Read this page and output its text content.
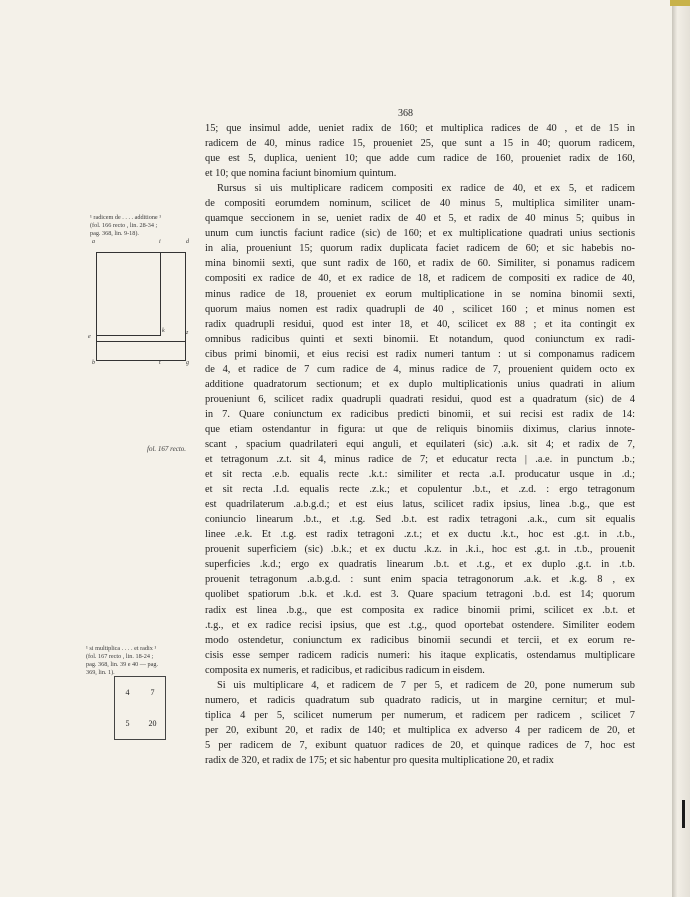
368
15; que insimul adde, ueniet radix de 160; et multiplica radices de 40 , et de 15 in
radicem de 40, minus radice 15, proueniet 25, que sunt a 15 in 40; quorum radicem,
que est 5, duplica, uenient 10; que adde cum radice de 160, proueniet radix de 160,
et 10; que nomina faciunt binomium quintum.
Rursus si uis multiplicare radicem compositi ex radice de 40, et ex 5, et radicem
de compositi eorumdem nominum, scilicet de 40 minus 5, multiplica similiter unam-
quamque seccionem in se, ueniet radix de 40 et 5, et radix de 40 minus 5; quibus in
unum cum iunctis faciunt radice (sic) de 160; et ex multiplicatione quadrati unius sectionis
in alia, proueniunt 15; quorum radix duplicata faciet radicem de 60; et sic habebis no-
mina binomii sexti, que sunt radix de 160, et radix de 60. Similiter, si ponamus radicem
compositi ex radice de 40, et ex radice de 18, et radicem de compositi ex radice de 40,
minus radice de 18, proueniet ex eorum multiplicatione in se nomina binomii sexti,
quorum maius nomen est radix quadrupli de 40 , scilicet 160 ; et minus nomen est
radix quadrupli residui, quod est inter 18, et 40, scilicet ex 88 ; et ita contingit ex
omnibus radicibus quinti et sexti binomii. Et notandum, quod coniunctum ex radi-
cibus primi binomii, et eius recisi est radix numeri tantum : ut si componamus radicem
de 4, et radice de 7 cum radice de 4, minus radice de 7, prouenient quidem octo ex
additione quadratorum sectionum; et ex duplo multiplicationis unius quadrati in alium
proueniunt 6, scilicet radix quadrupli quadrati residui, quod est a quadratum (sic) de 4
in 7. Quare coniunctum ex radicibus predicti binomii, et sui recisi est radix de 14:
que etiam ostendantur in figura: ut que de reliquis binomiis diximus, clarius innote-
scant , spacium quadrilateri equi anguli, et equilateri (sic) .a.k. sit 4; et radix de 7,
et tetragonum .z.t. sit 4, minus radice de 7; et educatur recta | .a.e. in punctum .b.;
et sit recta .e.b. equalis recte .k.t.: similiter et recta .a.I. producatur usque in .d.;
et sit recta .I.d. equalis recte .z.k.; et copulentur .b.t., et .z.d. : ergo tetragonum
est quadrilaterum .a.b.g.d.; et est eius latus, scilicet radix ipsius, linea .b.g., que est
coniuncio linearum .b.t., et .t.g. Sed .b.t. est radix tetragoni .a.k., cum sit equalis
linee .e.k. Et .t.g. est radix tetragoni .z.t.; et ex ductu .k.t., hoc est .g.t. in .t.b.,
prouenit superficiem (sic) .b.k.; et ex ductu .k.z. in .k.i., hoc est .g.t. in .t.b., prouenit
superficies .k.d.; ergo ex quadratis linearum .b.t. et .t.g., et ex duplo .g.t. in .t.b.
prouenit tetragonum .a.b.g.d. : sunt enim spacia tetragonorum .a.k. et .k.g. 8 , ex
quolibet spatiorum .b.k. et .k.d. est 3. Quare spacium tetragoni .b.d. est 14; quorum
radix est linea .b.g., que est composita ex radice binomii primi, scilicet ex .b.t. et
.t.g., et ex radice recisi ipsius, que est .t.g., quod oportebat ostendere. Similiter eodem
modo ostendetur, coniunctum ex radicibus binomii secundi et tercii, et ex eorum re-
cisis esse semper radicem radicis numeri: his itaque explicatis, ostendamus multiplicare
composita ex numeris, et radicibus, et radicibus radicum in eisdem.
Si uis multiplicare 4, et radicem de 7 per 5, et radicem de 20, pone numerum sub
numero, et radicis quadratum sub quadrato radicis, ut in margine cernitur; et mul-
tiplica 4 per 5, scilicet numerum per numerum, et radicem per radicem , scilicet 7
per 20, exibunt 20, et radix de 140; et multiplica ex adverso 4 per radicem de 20, et
5 per radicem de 7, exibunt quatuor radices de 20, et quinque radices de 7, hoc est
radix de 320, et radix de 175; et sic habentur pro quesita multiplicatione 20, et radix
¹ radicem de . . . . additione ¹
(fol. 166 recto , lin. 28-34 ;
pag. 368, lin. 9-18).
a	i	d
k	z
e
b	t	g
fol. 167 recto.
¹ si multiplica . . . . et radix ¹
(fol. 167 recto , lin. 18-24 ;
pag. 368, lin. 39 e 40 — pag.
369, lin. 1).
4	7
5	20
